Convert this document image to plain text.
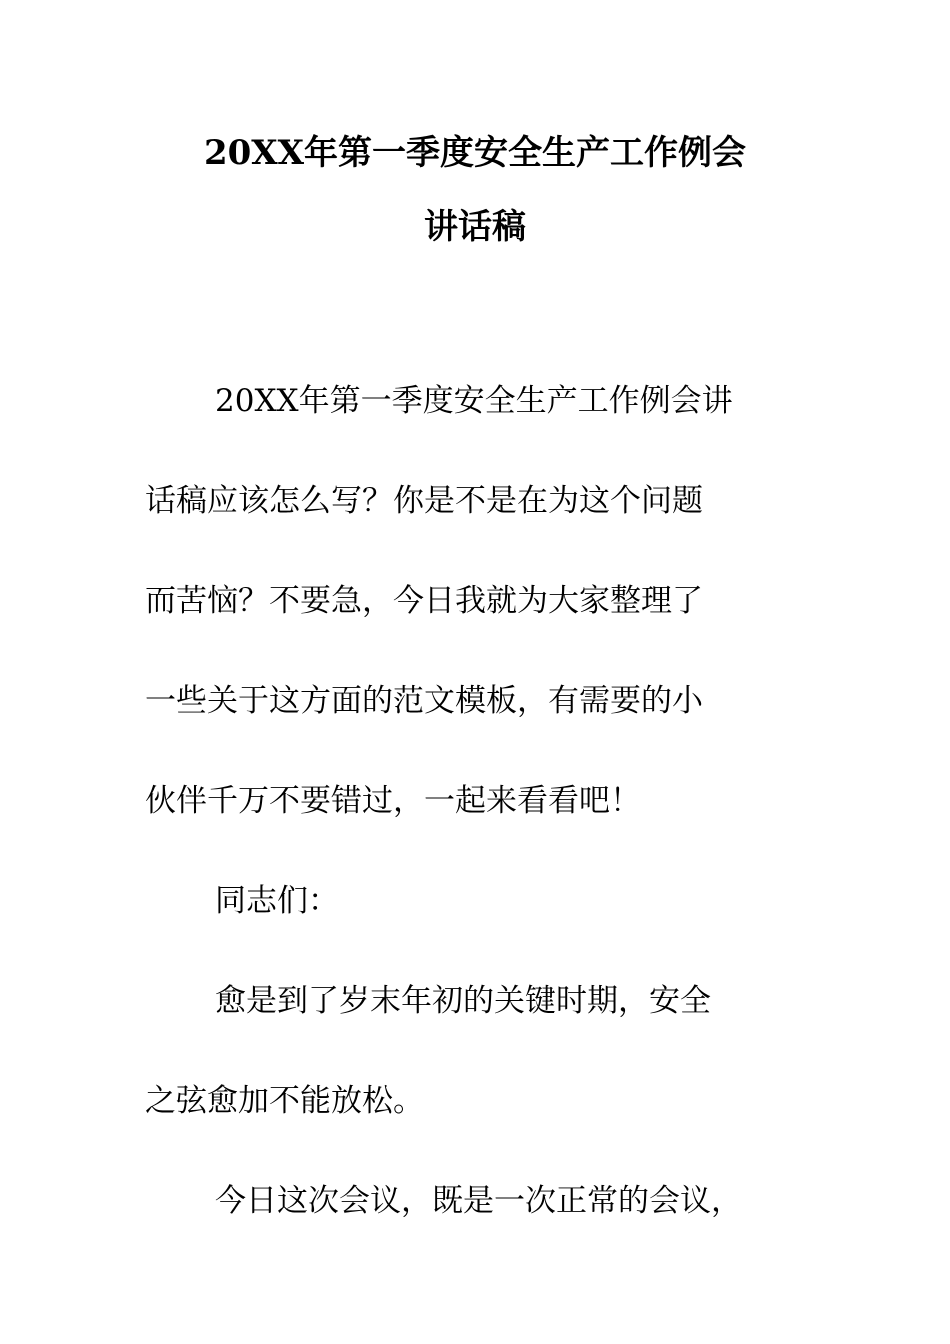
20XX年第一季度安全生产工作例会
讲话稿
20XX年第一季度安全生产工作例会讲
话稿应该怎么写？你是不是在为这个问题
而苦恼？不要急，今日我就为大家整理了
一些关于这方面的范文模板，有需要的小
伙伴千万不要错过，一起来看看吧！
同志们：
愈是到了岁末年初的关键时期，安全
之弦愈加不能放松。
今日这次会议，既是一次正常的会议，
